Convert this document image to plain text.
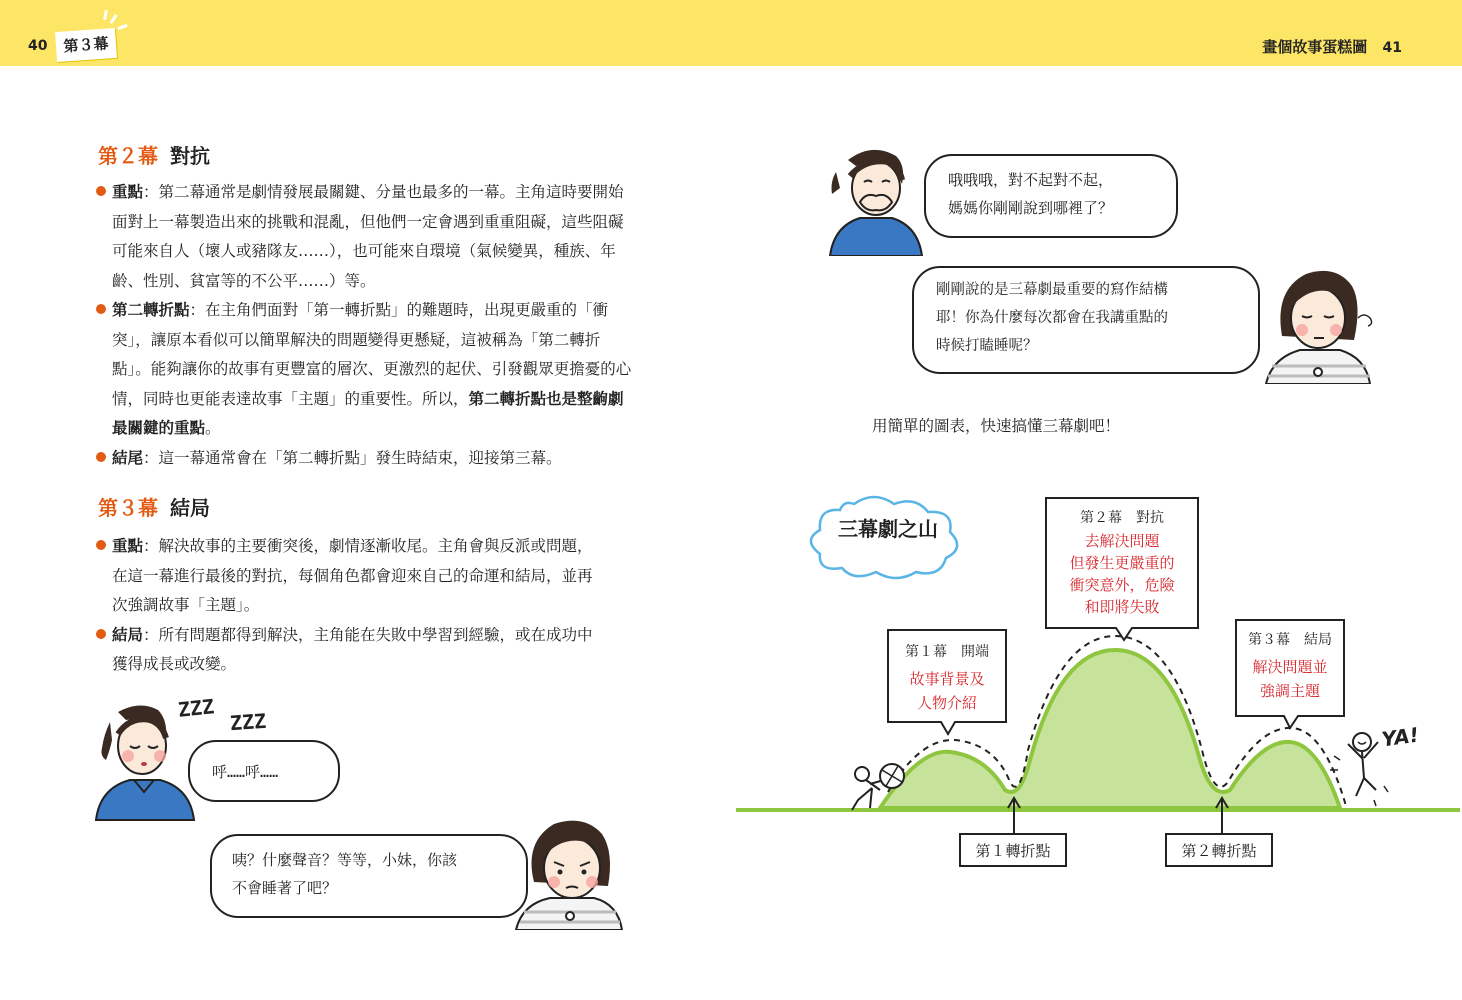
40	第３幕	畫個故事蛋糕圖 41
第２幕 對抗

重點：第二幕通常是劇情發展最關鍵、分量也最多的一幕。主角這時要開始面對上一幕製造出來的挑戰和混亂，但他們一定會遇到重重阻礙，這些阻礙可能來自人（壞人或豬隊友……），也可能來自環境（氣候變異，種族、年齡、性別、貧富等的不公平……）等。

第二轉折點：在主角們面對「第一轉折點」的難題時，出現更嚴重的「衝突」，讓原本看似可以簡單解決的問題變得更懸疑，這被稱為「第二轉折點」。能夠讓你的故事有更豐富的層次、更激烈的起伏、引發觀眾更擔憂的心情，同時也更能表達故事「主題」的重要性。所以，第二轉折點也是整齣劇最關鍵的重點。

結尾：這一幕通常會在「第二轉折點」發生時結束，迎接第三幕。

第３幕 結局

重點：解決故事的主要衝突後，劇情逐漸收尾。主角會與反派或問題，在這一幕進行最後的對抗，每個角色都會迎來自己的命運和結局，並再次強調故事「主題」。

結局：所有問題都得到解決，主角能在失敗中學習到經驗，或在成功中獲得成長或改變。

ZZZ
ZZZ
呼……呼……
咦？什麼聲音？等等，小妹，你該
不會睡著了吧？
哦哦哦，對不起對不起，
媽媽你剛剛說到哪裡了？
剛剛說的是三幕劇最重要的寫作結構
耶！你為什麼每次都會在我講重點的
時候打瞌睡呢？
用簡單的圖表，快速搞懂三幕劇吧！
三幕劇之山
第１幕　開端
故事背景及
人物介紹
第２幕　對抗
去解決問題
但發生更嚴重的
衝突意外，危險
和即將失敗
第３幕　結局
解決問題並
強調主題
第１轉折點	第２轉折點
YA!
